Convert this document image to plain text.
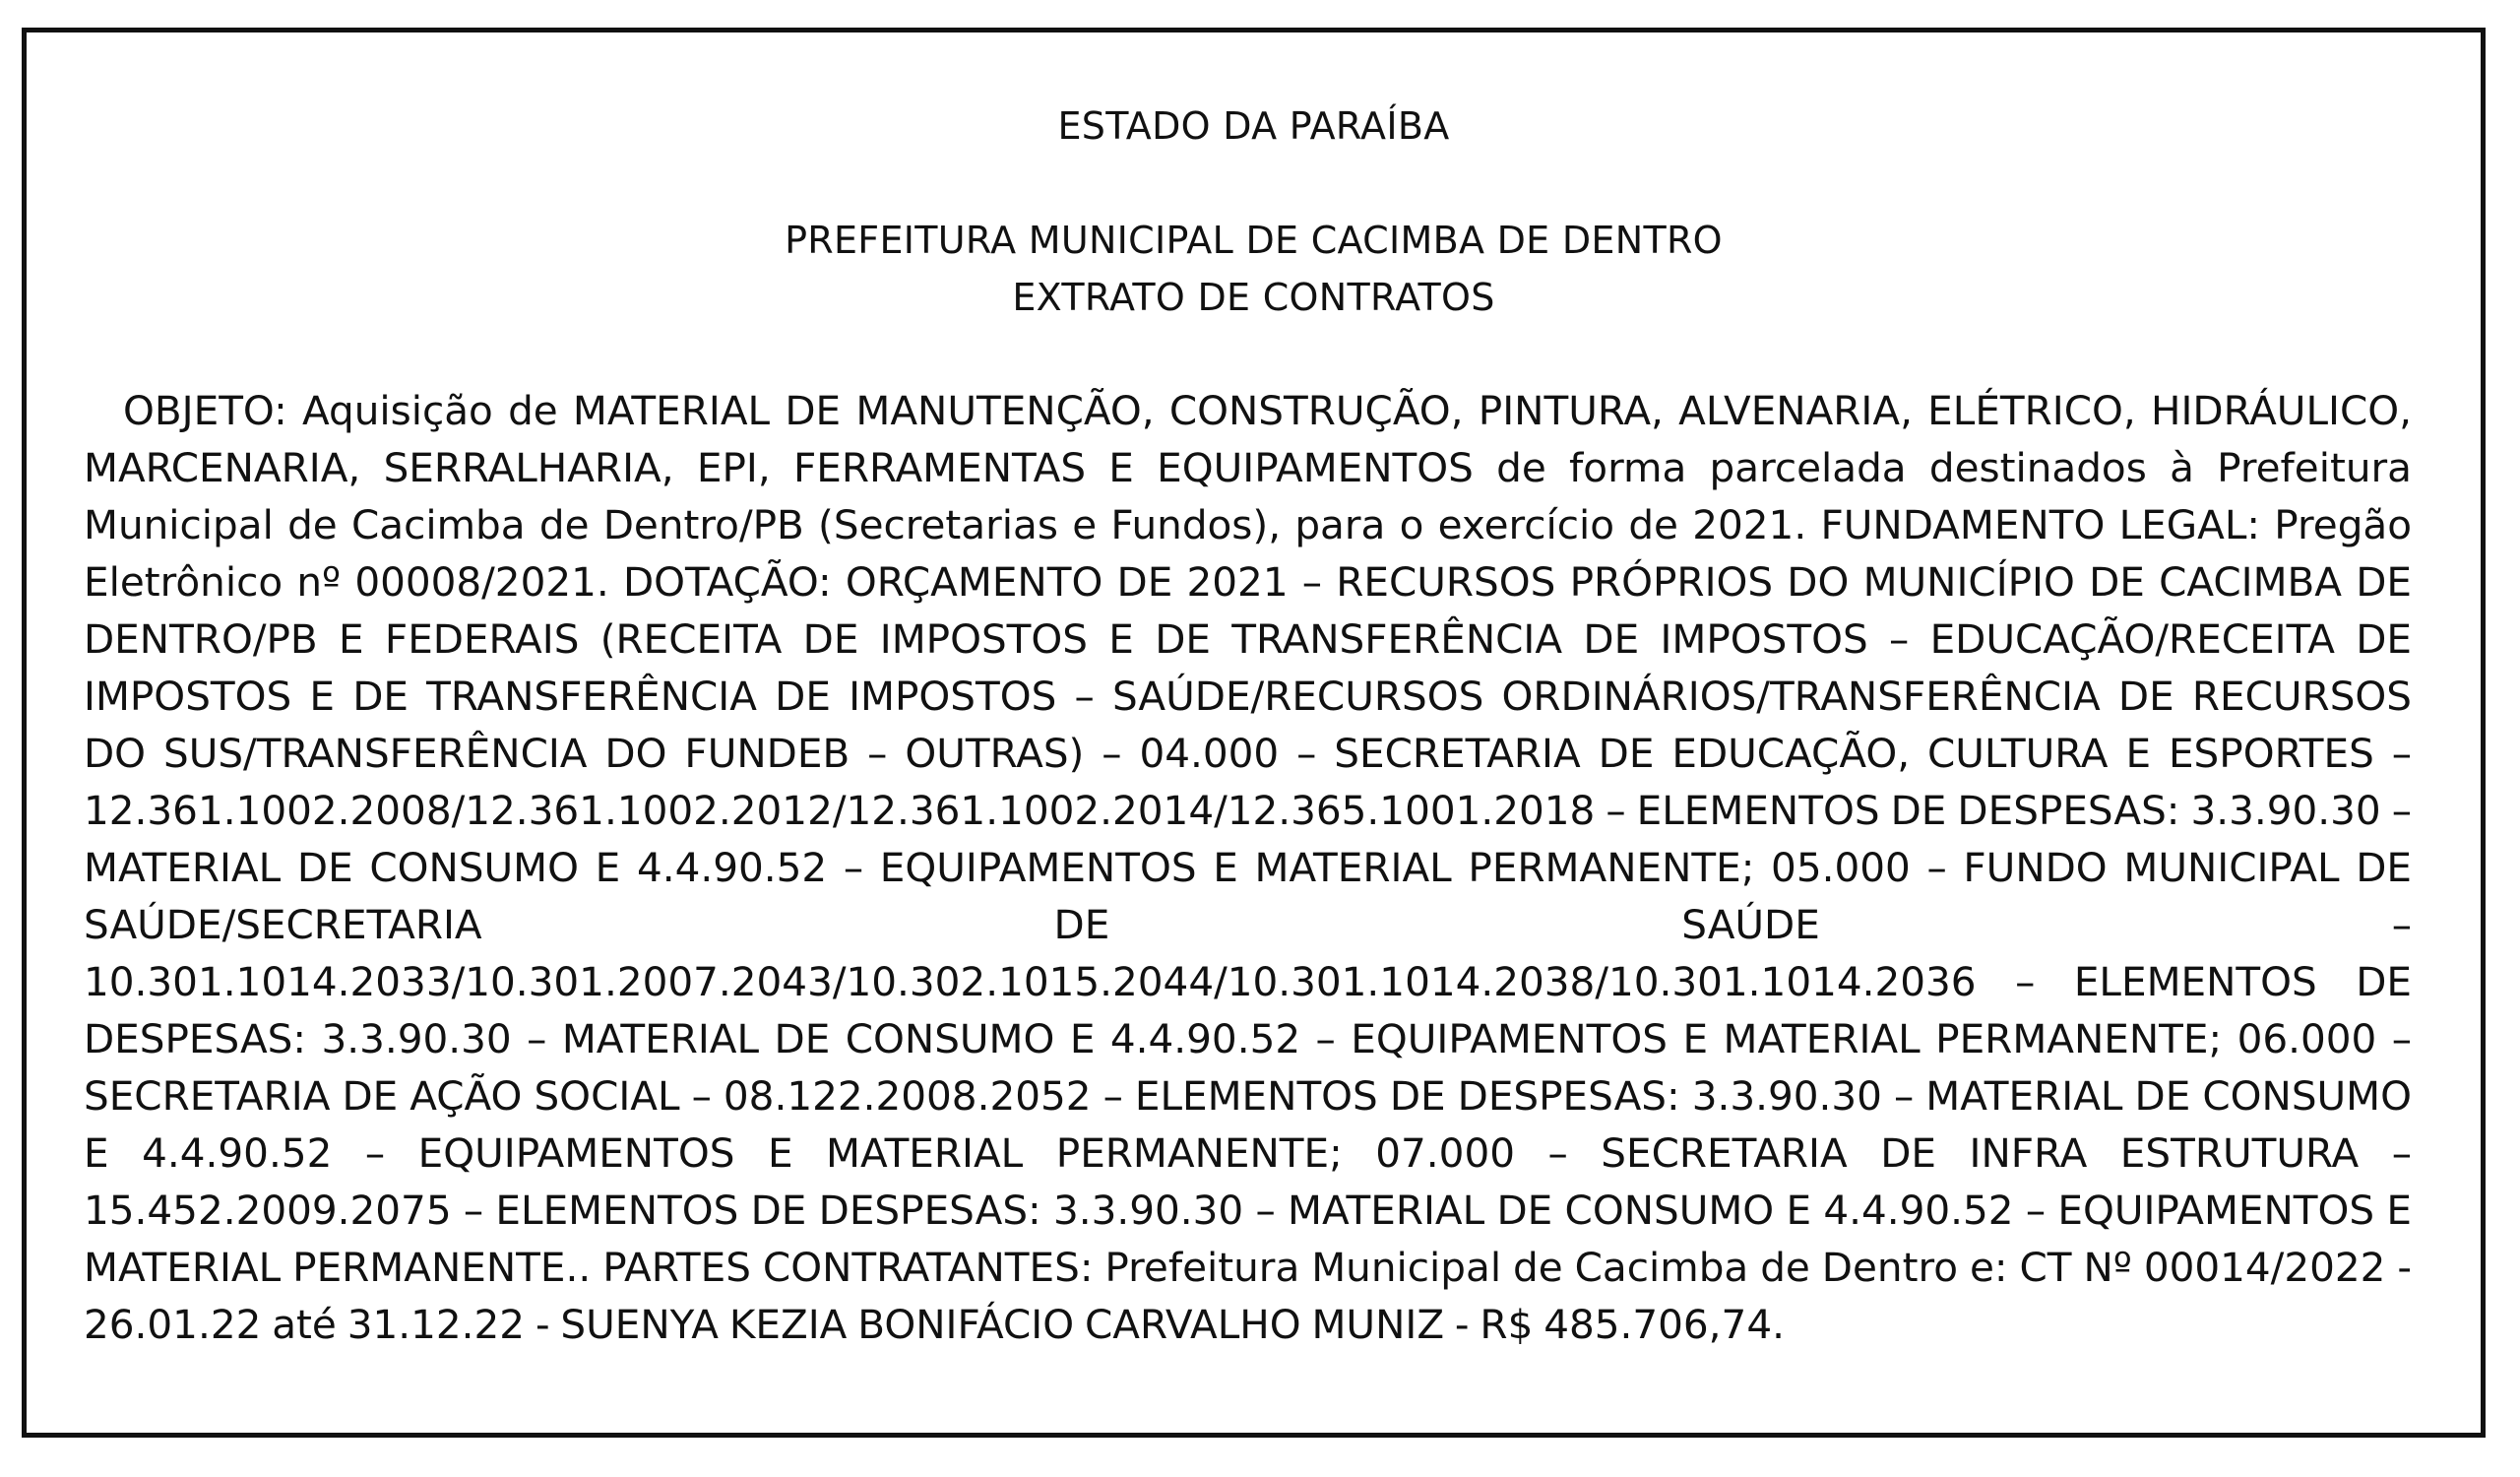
ESTADO DA PARAÍBA
PREFEITURA MUNICIPAL DE CACIMBA DE DENTRO
EXTRATO DE CONTRATOS

OBJETO: Aquisição de MATERIAL DE MANUTENÇÃO, CONSTRUÇÃO, PINTURA, ALVENARIA, ELÉTRICO, HIDRÁULICO, MARCENARIA, SERRALHARIA, EPI, FERRAMENTAS E EQUIPAMENTOS de forma parcelada destinados à Prefeitura Municipal de Cacimba de Dentro/PB (Secretarias e Fundos), para o exercício de 2021. FUNDAMENTO LEGAL: Pregão Eletrônico nº 00008/2021. DOTAÇÃO: ORÇAMENTO DE 2021 – RECURSOS PRÓPRIOS DO MUNICÍPIO DE CACIMBA DE DENTRO/PB E FEDERAIS (RECEITA DE IMPOSTOS E DE TRANSFERÊNCIA DE IMPOSTOS – EDUCAÇÃO/RECEITA DE IMPOSTOS E DE TRANSFERÊNCIA DE IMPOSTOS – SAÚDE/RECURSOS ORDINÁRIOS/TRANSFERÊNCIA DE RECURSOS DO SUS/TRANSFERÊNCIA DO FUNDEB – OUTRAS) – 04.000 – SECRETARIA DE EDUCAÇÃO, CULTURA E ESPORTES – 12.361.1002.2008/12.361.1002.2012/12.361.1002.2014/12.365.1001.2018 – ELEMENTOS DE DESPESAS: 3.3.90.30 – MATERIAL DE CONSUMO E 4.4.90.52 – EQUIPAMENTOS E MATERIAL PERMANENTE; 05.000 – FUNDO MUNICIPAL DE SAÚDE/SECRETARIA DE SAÚDE – 10.301.1014.2033/10.301.2007.2043/10.302.1015.2044/10.301.1014.2038/10.301.1014.2036 – ELEMENTOS DE DESPESAS: 3.3.90.30 – MATERIAL DE CONSUMO E 4.4.90.52 – EQUIPAMENTOS E MATERIAL PERMANENTE; 06.000 – SECRETARIA DE AÇÃO SOCIAL – 08.122.2008.2052 – ELEMENTOS DE DESPESAS: 3.3.90.30 – MATERIAL DE CONSUMO E 4.4.90.52 – EQUIPAMENTOS E MATERIAL PERMANENTE; 07.000 – SECRETARIA DE INFRA ESTRUTURA – 15.452.2009.2075 – ELEMENTOS DE DESPESAS: 3.3.90.30 – MATERIAL DE CONSUMO E 4.4.90.52 – EQUIPAMENTOS E MATERIAL PERMANENTE.. PARTES CONTRATANTES: Prefeitura Municipal de Cacimba de Dentro e: CT Nº 00014/2022 - 26.01.22 até 31.12.22 - SUENYA KEZIA BONIFÁCIO CARVALHO MUNIZ - R$ 485.706,74.
